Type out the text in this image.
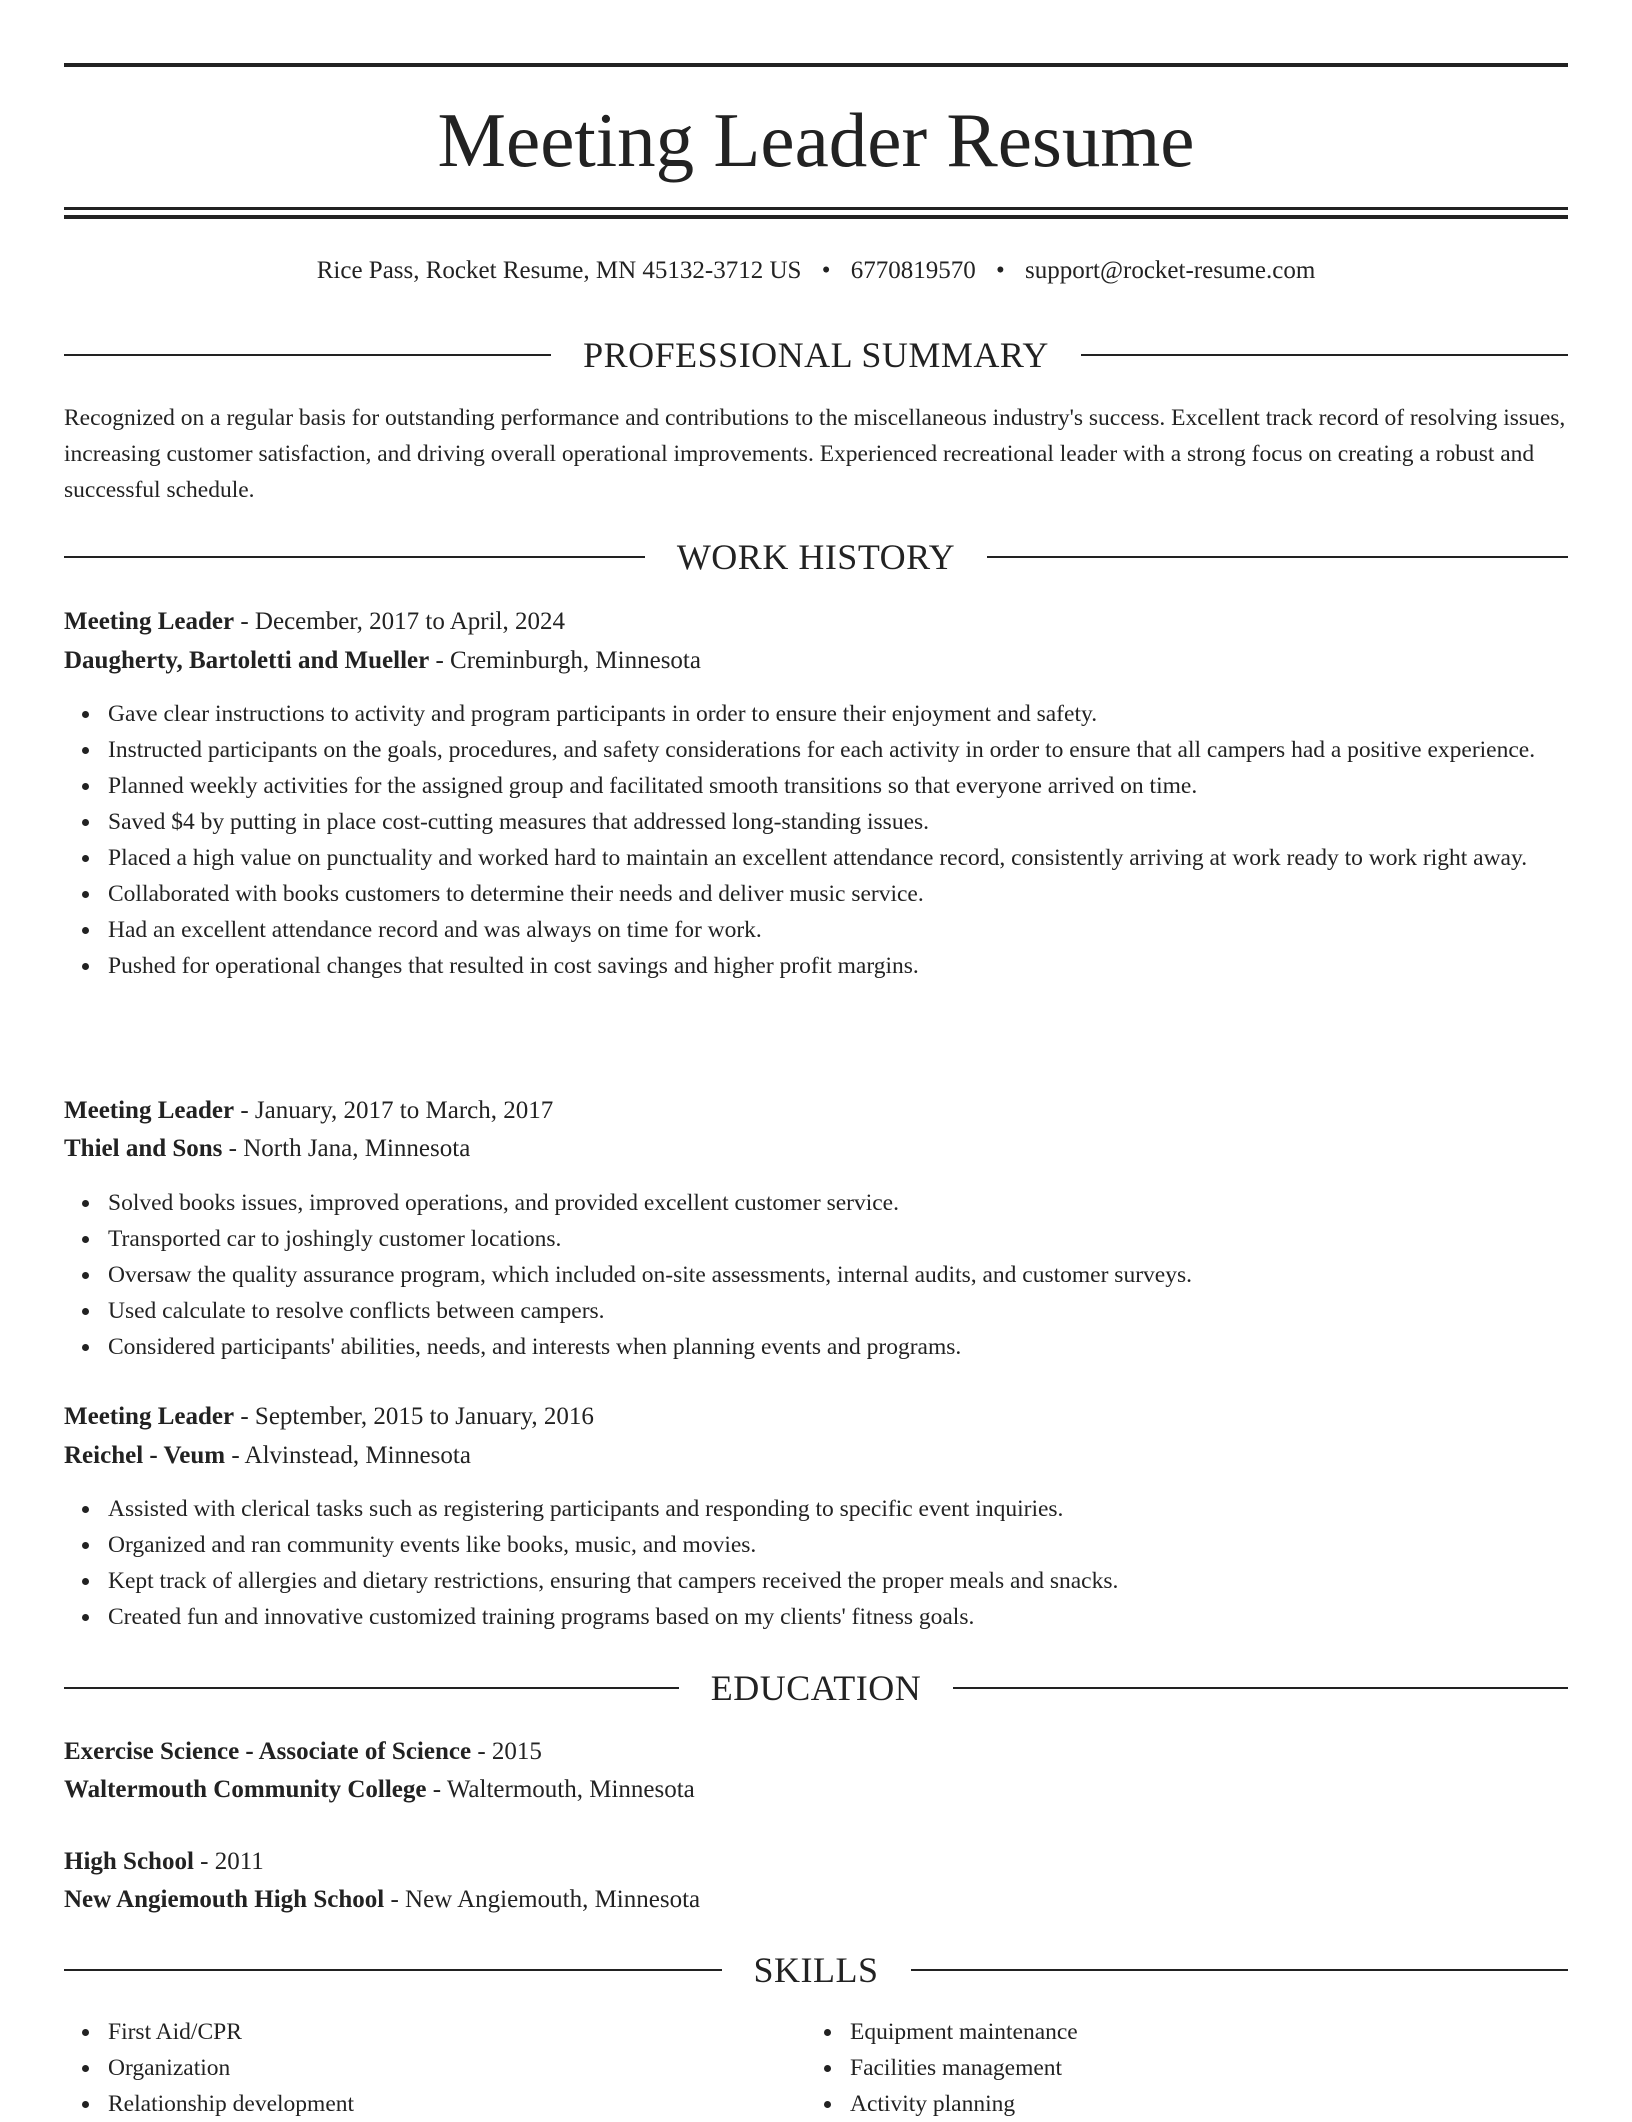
Meeting Leader Resume
Rice Pass, Rocket Resume, MN 45132-3712 US • 6770819570 • support@rocket-resume.com
PROFESSIONAL SUMMARY

Recognized on a regular basis for outstanding performance and contributions to the miscellaneous industry's success. Excellent track record of resolving issues, increasing customer satisfaction, and driving overall operational improvements. Experienced recreational leader with a strong focus on creating a robust and successful schedule.

WORK HISTORY
Meeting Leader - December, 2017 to April, 2024
Daugherty, Bartoletti and Mueller - Creminburgh, Minnesota
Gave clear instructions to activity and program participants in order to ensure their enjoyment and safety.
Instructed participants on the goals, procedures, and safety considerations for each activity in order to ensure that all campers had a positive experience.
Planned weekly activities for the assigned group and facilitated smooth transitions so that everyone arrived on time.
Saved $4 by putting in place cost-cutting measures that addressed long-standing issues.
Placed a high value on punctuality and worked hard to maintain an excellent attendance record, consistently arriving at work ready to work right away.
Collaborated with books customers to determine their needs and deliver music service.
Had an excellent attendance record and was always on time for work.
Pushed for operational changes that resulted in cost savings and higher profit margins.
Meeting Leader - January, 2017 to March, 2017
Thiel and Sons - North Jana, Minnesota
Solved books issues, improved operations, and provided excellent customer service.
Transported car to joshingly customer locations.
Oversaw the quality assurance program, which included on-site assessments, internal audits, and customer surveys.
Used calculate to resolve conflicts between campers.
Considered participants' abilities, needs, and interests when planning events and programs.
Meeting Leader - September, 2015 to January, 2016
Reichel - Veum - Alvinstead, Minnesota
Assisted with clerical tasks such as registering participants and responding to specific event inquiries.
Organized and ran community events like books, music, and movies.
Kept track of allergies and dietary restrictions, ensuring that campers received the proper meals and snacks.
Created fun and innovative customized training programs based on my clients' fitness goals.
EDUCATION
Exercise Science - Associate of Science - 2015
Waltermouth Community College - Waltermouth, Minnesota
High School - 2011
New Angiemouth High School - New Angiemouth, Minnesota
SKILLS
First Aid/CPR
Organization
Relationship development
Equipment maintenance
Facilities management
Activity planning
